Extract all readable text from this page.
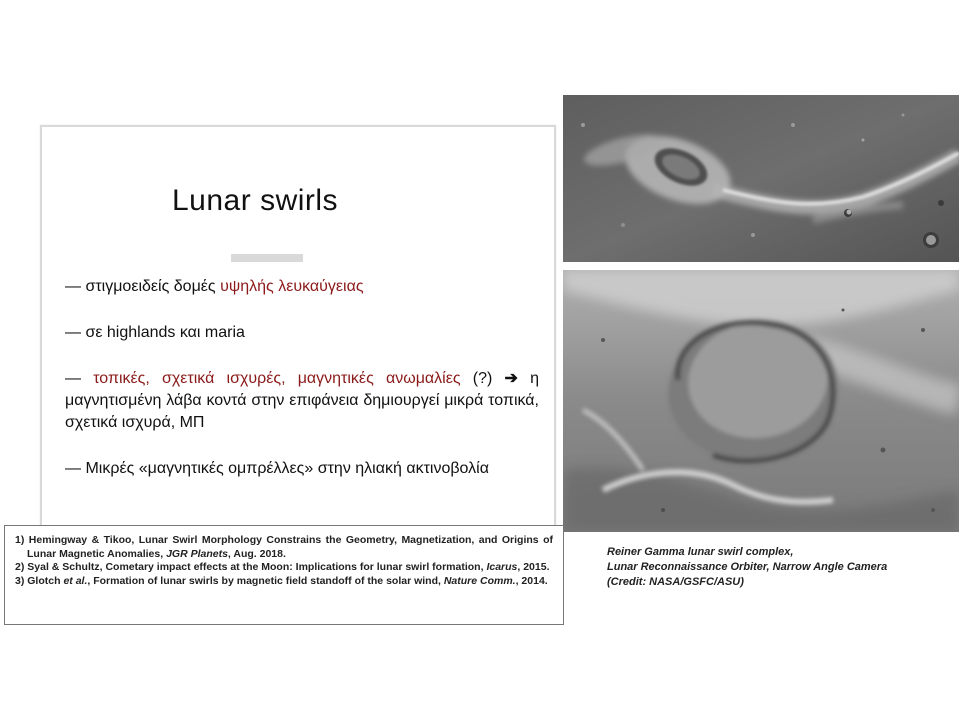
Lunar swirls
— στιγμοειδείς δομές υψηλής λευκαύγειας
— σε highlands και maria
— τοπικές, σχετικά ισχυρές, μαγνητικές ανωμαλίες (?) ➔ η μαγνητισμένη λάβα κοντά στην επιφάνεια δημιουργεί μικρά τοπικά, σχετικά ισχυρά, ΜΠ
— Μικρές «μαγνητικές ομπρέλλες» στην ηλιακή ακτινοβολία

1) Hemingway & Tikoo, Lunar Swirl Morphology Constrains the Geometry, Magnetization, and Origins of Lunar Magnetic Anomalies, JGR Planets, Aug. 2018.

2) Syal & Schultz, Cometary impact effects at the Moon: Implications for lunar swirl formation, Icarus, 2015.

3) Glotch et al., Formation of lunar swirls by magnetic field standoff of the solar wind, Nature Comm., 2014.

Reiner Gamma lunar swirl complex,
Lunar Reconnaissance Orbiter, Narrow Angle Camera
(Credit: NASA/GSFC/ASU)
